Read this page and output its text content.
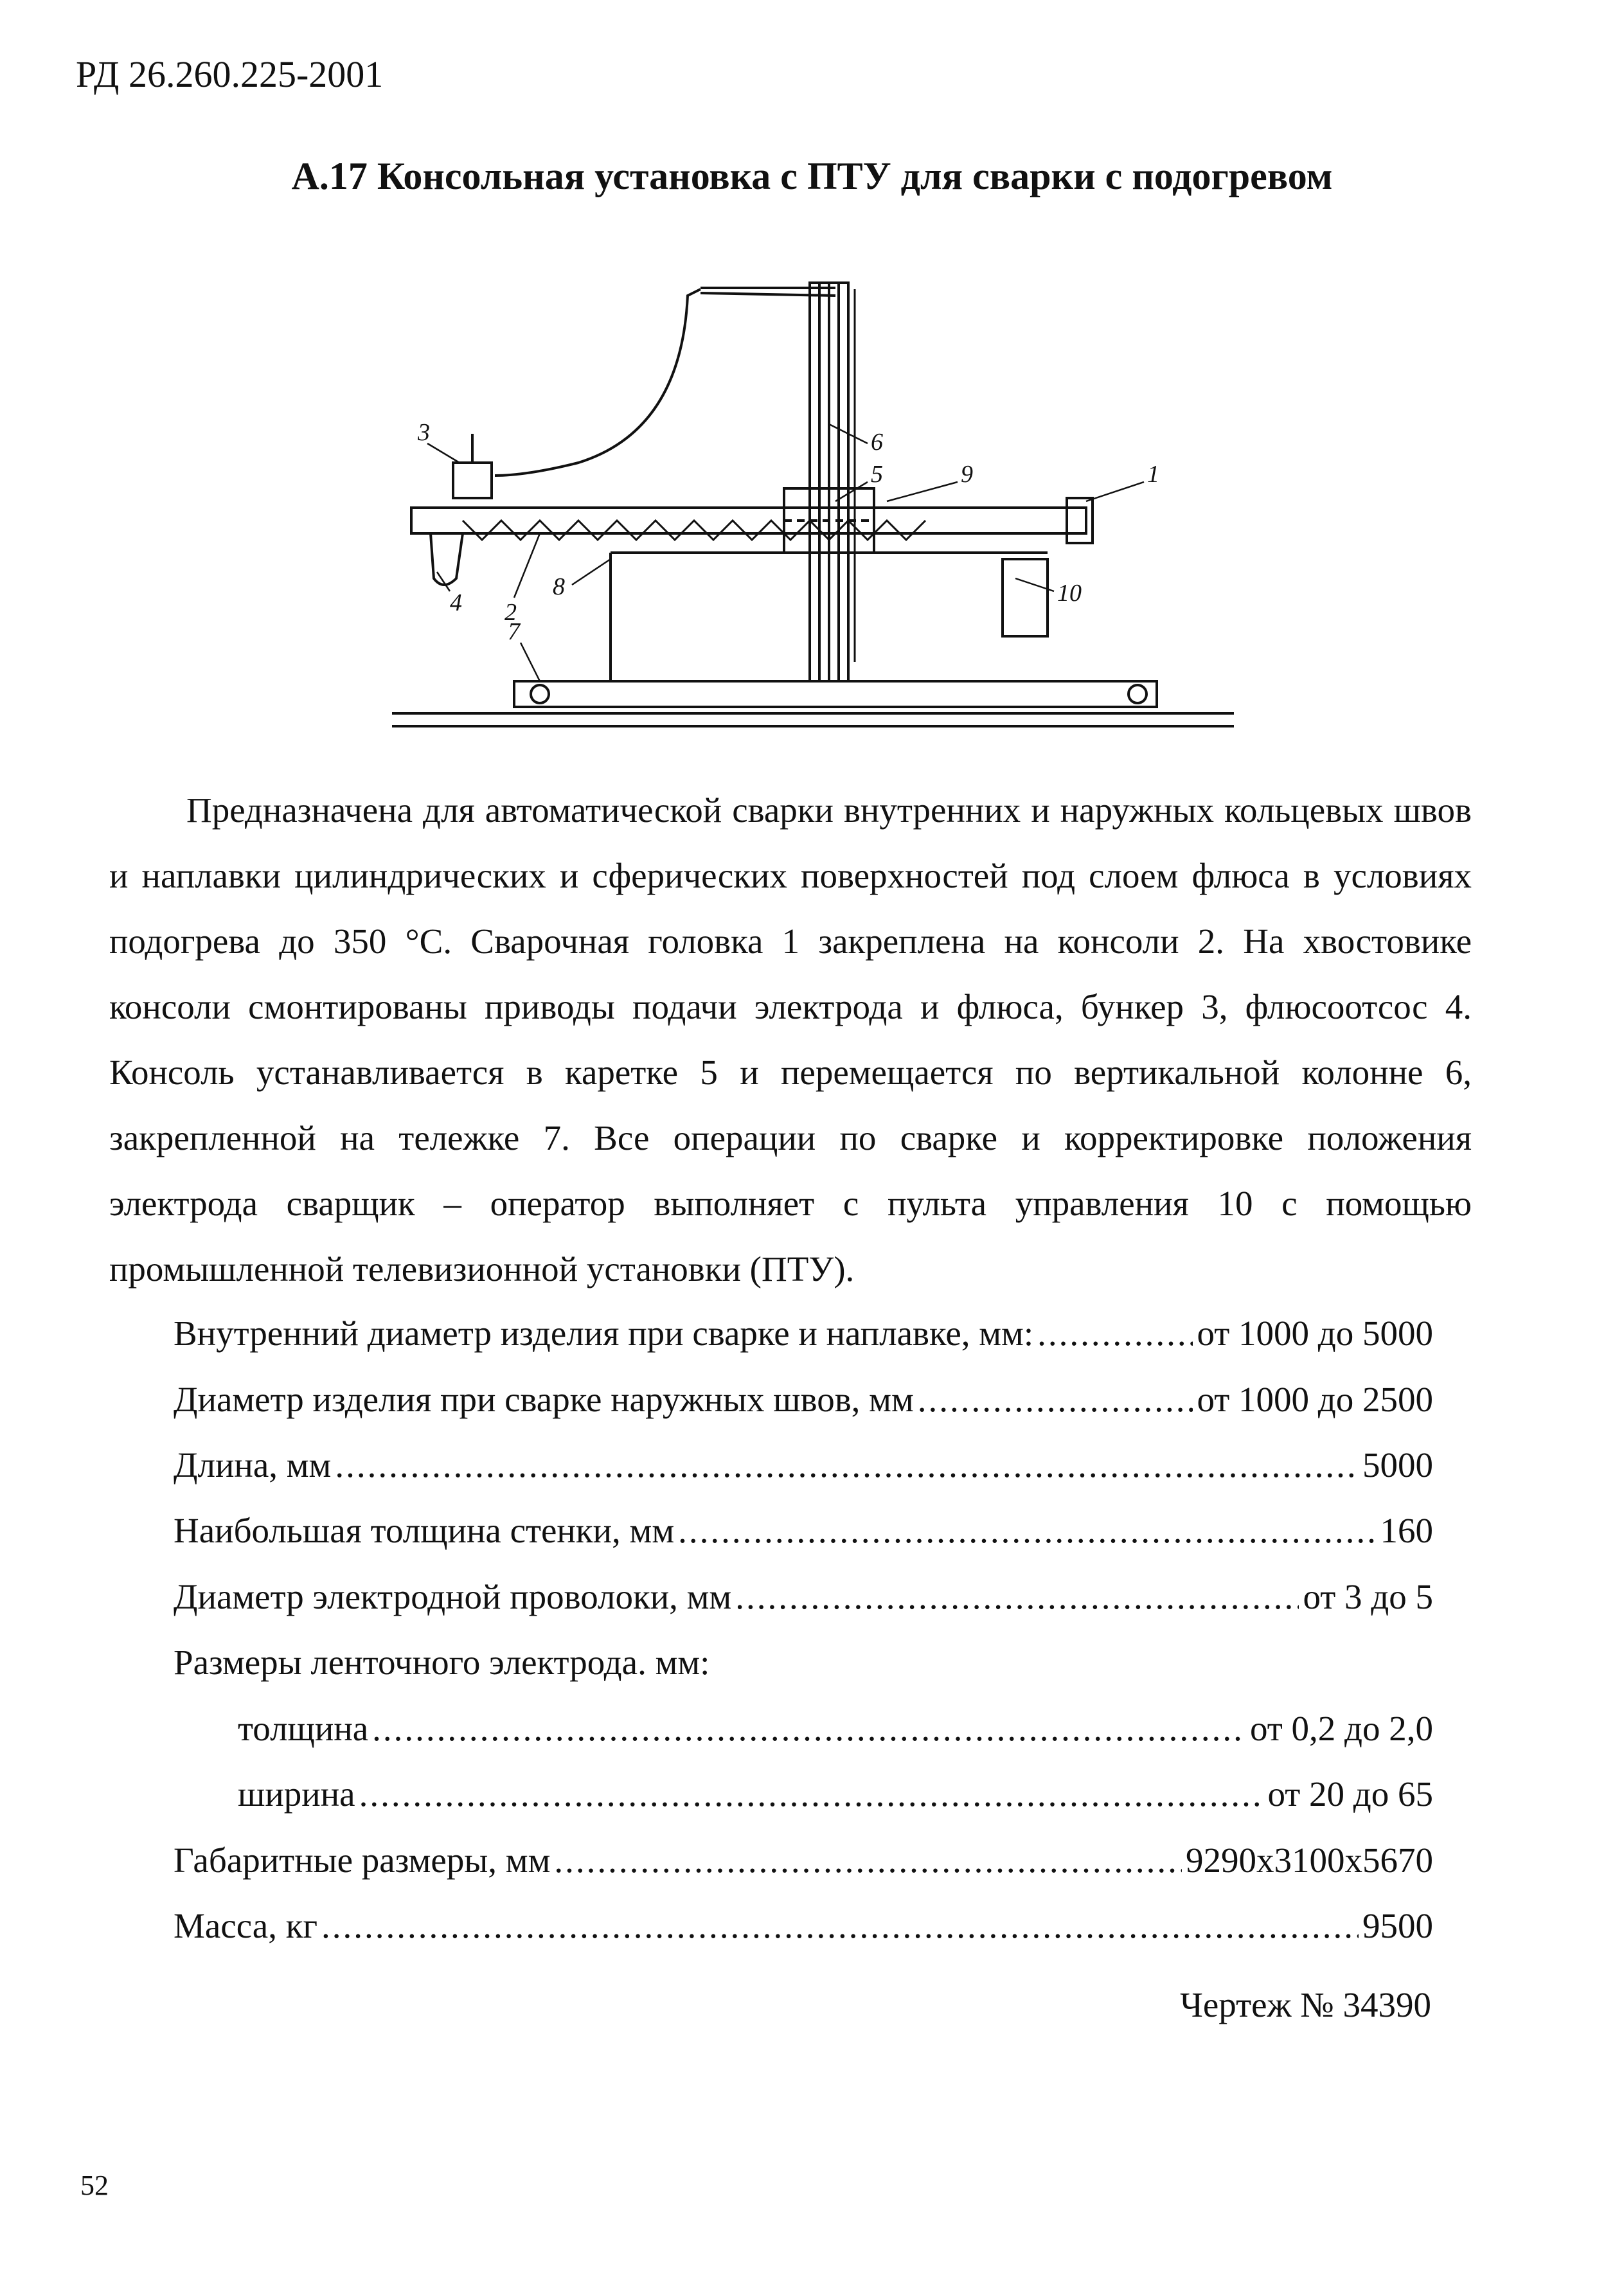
РД 26.260.225-2001
А.17 Консольная установка с ПТУ для сварки с подогревом
3
4 2
6
5	9	1
10
8
7

Предназначена для автоматической сварки внутренних и наружных кольцевых швов и наплавки цилиндрических и сферических поверхностей под слоем флюса в условиях подогрева до 350 °С. Сварочная головка 1 закреплена на консоли 2. На хвостовике консоли смонтированы приводы подачи электрода и флюса, бункер 3, флюсоотсос 4. Консоль устанавливается в каретке 5 и перемещается по вертикальной колонне 6, закрепленной на тележке 7. Все операции по сварке и корректировке положения электрода сварщик – оператор выполняет с пульта управления 10 с помощью промышленной телевизионной установки (ПТУ).

Внутренний диаметр изделия при сварке и наплавке, мм: .....	от 1000 до 5000
Диаметр изделия при сварке наружных швов, мм .....	от 1000 до 2500
Длина, мм .....	5000
Наибольшая толщина стенки, мм .....	160
Диаметр электродной проволоки, мм .....	от 3 до 5
Размеры ленточного электрода. мм:
толщина .....	от 0,2 до 2,0
ширина .....	от 20 до 65
Габаритные размеры, мм .....	9290x3100x5670
Масса, кг .....	9500
Чертеж № 34390
52
